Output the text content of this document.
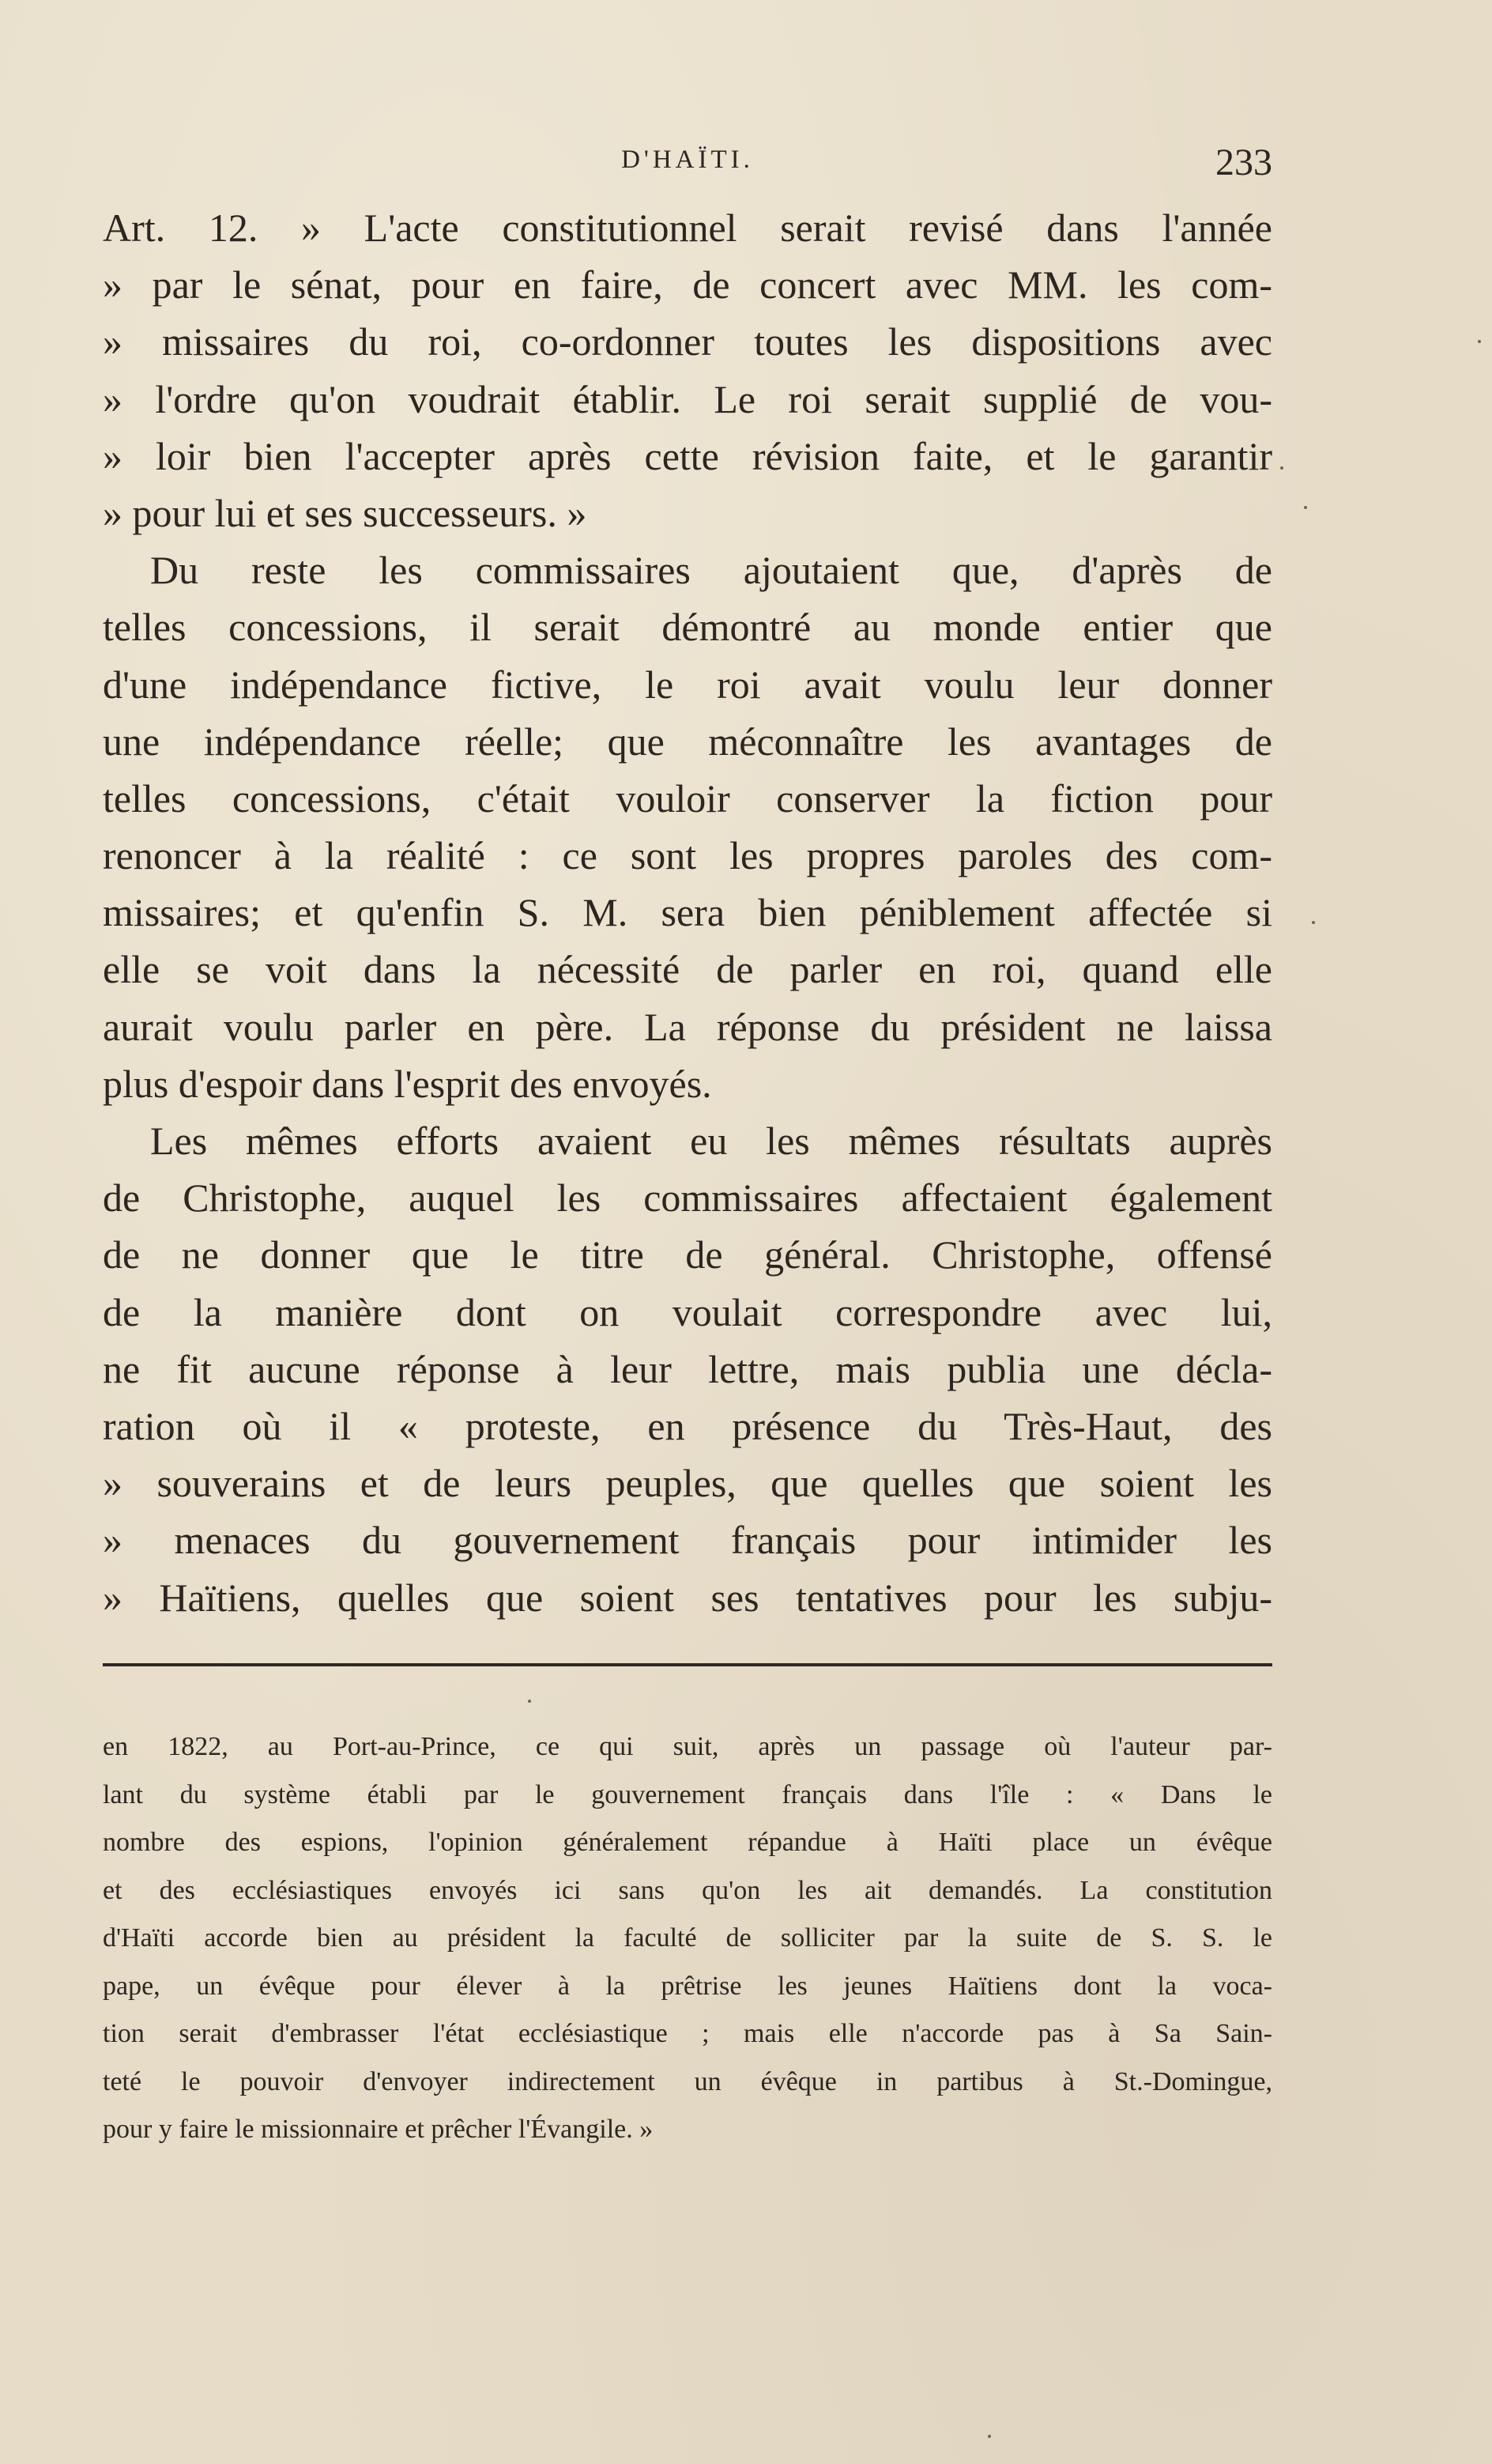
D'HAÏTI.	233
Art. 12. » L'acte constitutionnel serait revisé dans l'année
» par le sénat, pour en faire, de concert avec MM. les com-
» missaires du roi, co-ordonner toutes les dispositions avec
» l'ordre qu'on voudrait établir. Le roi serait supplié de vou-
» loir bien l'accepter après cette révision faite, et le garantir
» pour lui et ses successeurs. »
Du reste les commissaires ajoutaient que, d'après de
telles concessions, il serait démontré au monde entier que
d'une indépendance fictive, le roi avait voulu leur donner
une indépendance réelle; que méconnaître les avantages de
telles concessions, c'était vouloir conserver la fiction pour
renoncer à la réalité : ce sont les propres paroles des com-
missaires; et qu'enfin S. M. sera bien péniblement affectée si
elle se voit dans la nécessité de parler en roi, quand elle
aurait voulu parler en père. La réponse du président ne laissa
plus d'espoir dans l'esprit des envoyés.
Les mêmes efforts avaient eu les mêmes résultats auprès
de Christophe, auquel les commissaires affectaient également
de ne donner que le titre de général. Christophe, offensé
de la manière dont on voulait correspondre avec lui,
ne fit aucune réponse à leur lettre, mais publia une décla-
ration où il « proteste, en présence du Très-Haut, des
» souverains et de leurs peuples, que quelles que soient les
» menaces du gouvernement français pour intimider les
» Haïtiens, quelles que soient ses tentatives pour les subju-
en 1822, au Port-au-Prince, ce qui suit, après un passage où l'auteur par-
lant du système établi par le gouvernement français dans l'île : « Dans le
nombre des espions, l'opinion généralement répandue à Haïti place un évêque
et des ecclésiastiques envoyés ici sans qu'on les ait demandés. La constitution
d'Haïti accorde bien au président la faculté de solliciter par la suite de S. S. le
pape, un évêque pour élever à la prêtrise les jeunes Haïtiens dont la voca-
tion serait d'embrasser l'état ecclésiastique ; mais elle n'accorde pas à Sa Sain-
teté le pouvoir d'envoyer indirectement un évêque in partibus à St.-Domingue,
pour y faire le missionnaire et prêcher l'Évangile. »
